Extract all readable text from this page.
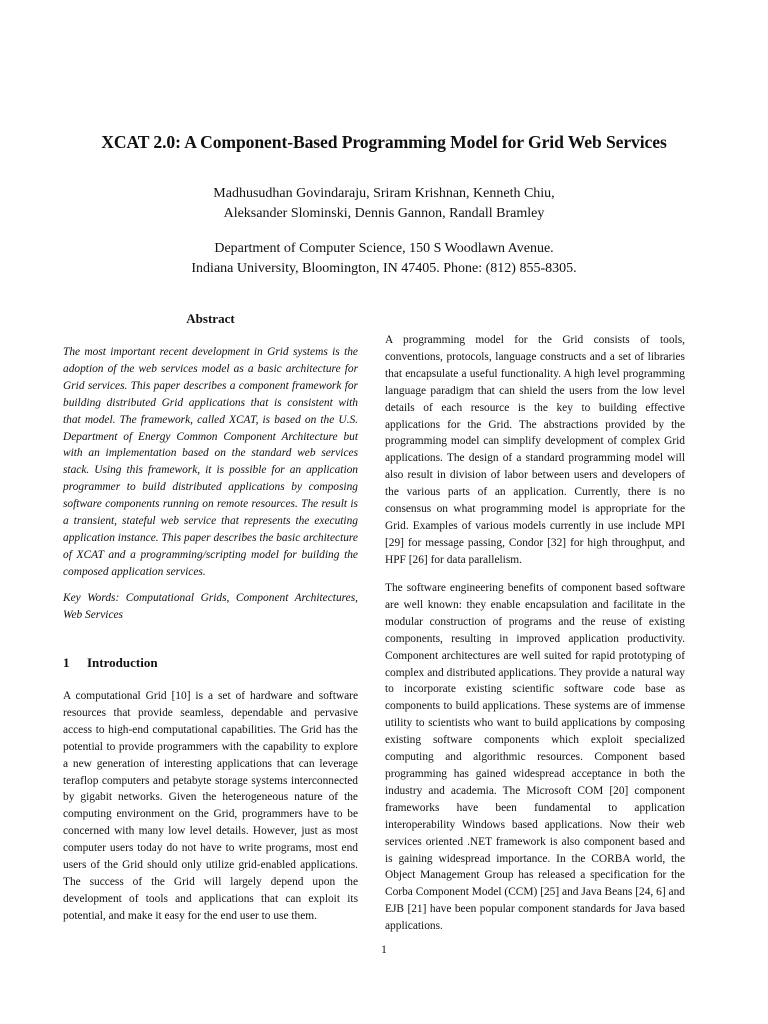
XCAT 2.0: A Component-Based Programming Model for Grid Web Services
Madhusudhan Govindaraju, Sriram Krishnan, Kenneth Chiu,
Aleksander Slominski, Dennis Gannon, Randall Bramley
Department of Computer Science, 150 S Woodlawn Avenue.
Indiana University, Bloomington, IN 47405. Phone: (812) 855-8305.
Abstract

The most important recent development in Grid systems is the adoption of the web services model as a basic architecture for Grid services. This paper describes a component framework for building distributed Grid applications that is consistent with that model. The framework, called XCAT, is based on the U.S. Department of Energy Common Component Architecture but with an implementation based on the standard web services stack. Using this framework, it is possible for an application programmer to build distributed applications by composing software components running on remote resources. The result is a transient, stateful web service that represents the executing application instance. This paper describes the basic architecture of XCAT and a programming/scripting model for building the composed application services.

Key Words: Computational Grids, Component Architectures, Web Services

1 Introduction

A computational Grid [10] is a set of hardware and software resources that provide seamless, dependable and pervasive access to high-end computational capabilities. The Grid has the potential to provide programmers with the capability to explore a new generation of interesting applications that can leverage teraflop computers and petabyte storage systems interconnected by gigabit networks. Given the heterogeneous nature of the computing environment on the Grid, programmers have to be concerned with many low level details. However, just as most computer users today do not have to write programs, most end users of the Grid should only utilize grid-enabled applications. The success of the Grid will largely depend upon the development of tools and applications that can exploit its potential, and make it easy for the end user to use them.

A programming model for the Grid consists of tools, conventions, protocols, language constructs and a set of libraries that encapsulate a useful functionality. A high level programming language paradigm that can shield the users from the low level details of each resource is the key to building effective applications for the Grid. The abstractions provided by the programming model can simplify development of complex Grid applications. The design of a standard programming model will also result in division of labor between users and developers of the various parts of an application. Currently, there is no consensus on what programming model is appropriate for the Grid. Examples of various models currently in use include MPI [29] for message passing, Condor [32] for high throughput, and HPF [26] for data parallelism.

The software engineering benefits of component based software are well known: they enable encapsulation and facilitate in the modular construction of programs and the reuse of existing components, resulting in improved application productivity. Component architectures are well suited for rapid prototyping of complex and distributed applications. They provide a natural way to incorporate existing scientific software code base as components to build applications. These systems are of immense utility to scientists who want to build applications by composing existing software components which exploit specialized computing and algorithmic resources. Component based programming has gained widespread acceptance in both the industry and academia. The Microsoft COM [20] component frameworks have been fundamental to application interoperability Windows based applications. Now their web services oriented .NET framework is also component based and is gaining widespread importance. In the CORBA world, the Object Management Group has released a specification for the Corba Component Model (CCM) [25] and Java Beans [24, 6] and EJB [21] have been popular component standards for Java based applications.

1
